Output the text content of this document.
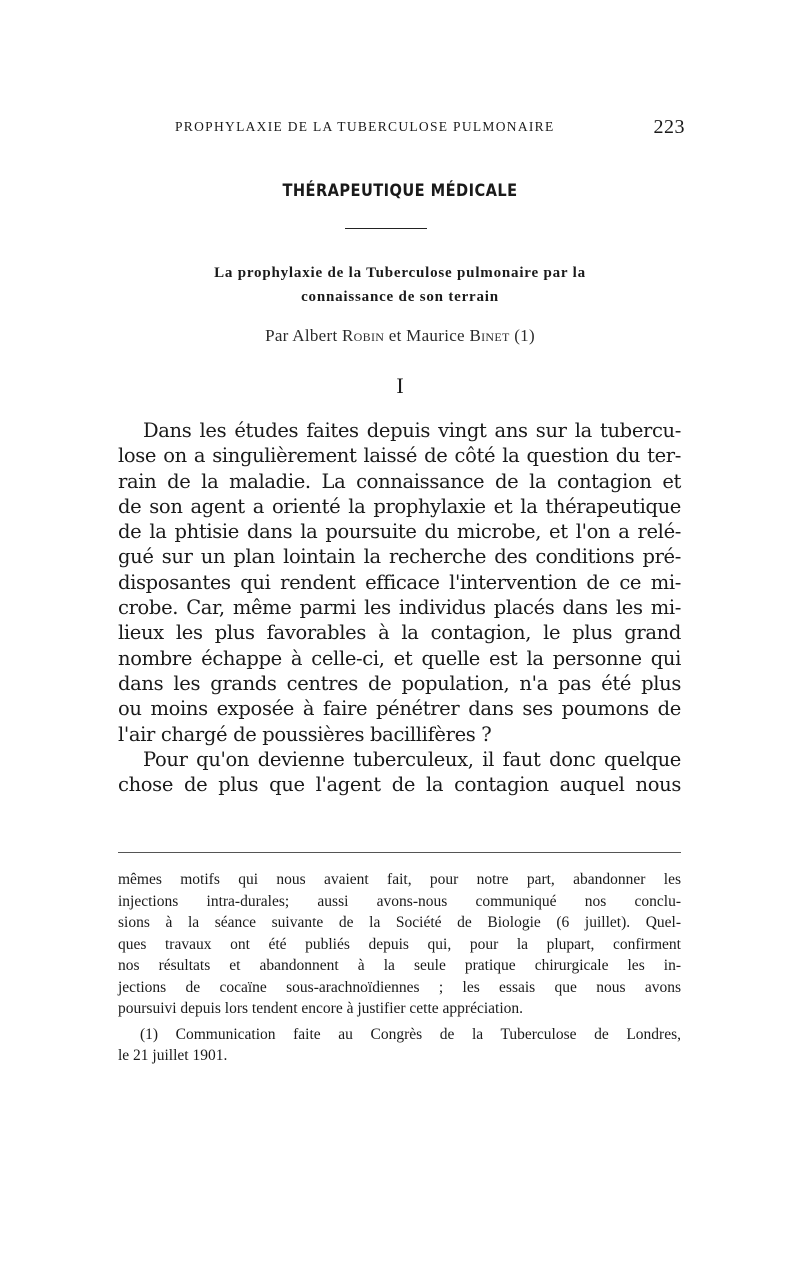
PROPHYLAXIE DE LA TUBERCULOSE PULMONAIRE	223
THÉRAPEUTIQUE MÉDICALE
La prophylaxie de la Tuberculose pulmonaire par la
connaissance de son terrain
Par Albert Robin et Maurice Binet (1)
I
Dans les études faites depuis vingt ans sur la tubercu-
lose on a singulièrement laissé de côté la question du ter-
rain de la maladie. La connaissance de la contagion et
de son agent a orienté la prophylaxie et la thérapeutique
de la phtisie dans la poursuite du microbe, et l'on a relé-
gué sur un plan lointain la recherche des conditions pré-
disposantes qui rendent efficace l'intervention de ce mi-
crobe. Car, même parmi les individus placés dans les mi-
lieux les plus favorables à la contagion, le plus grand
nombre échappe à celle-ci, et quelle est la personne qui
dans les grands centres de population, n'a pas été plus
ou moins exposée à faire pénétrer dans ses poumons de
l'air chargé de poussières bacillifères ?
Pour qu'on devienne tuberculeux, il faut donc quelque
chose de plus que l'agent de la contagion auquel nous
mêmes motifs qui nous avaient fait, pour notre part, abandonner les
injections intra-durales; aussi avons-nous communiqué nos conclu-
sions à la séance suivante de la Société de Biologie (6 juillet). Quel-
ques travaux ont été publiés depuis qui, pour la plupart, confirment
nos résultats et abandonnent à la seule pratique chirurgicale les in-
jections de cocaïne sous-arachnoïdiennes ; les essais que nous avons
poursuivi depuis lors tendent encore à justifier cette appréciation.
(1) Communication faite au Congrès de la Tuberculose de Londres,
le 21 juillet 1901.
